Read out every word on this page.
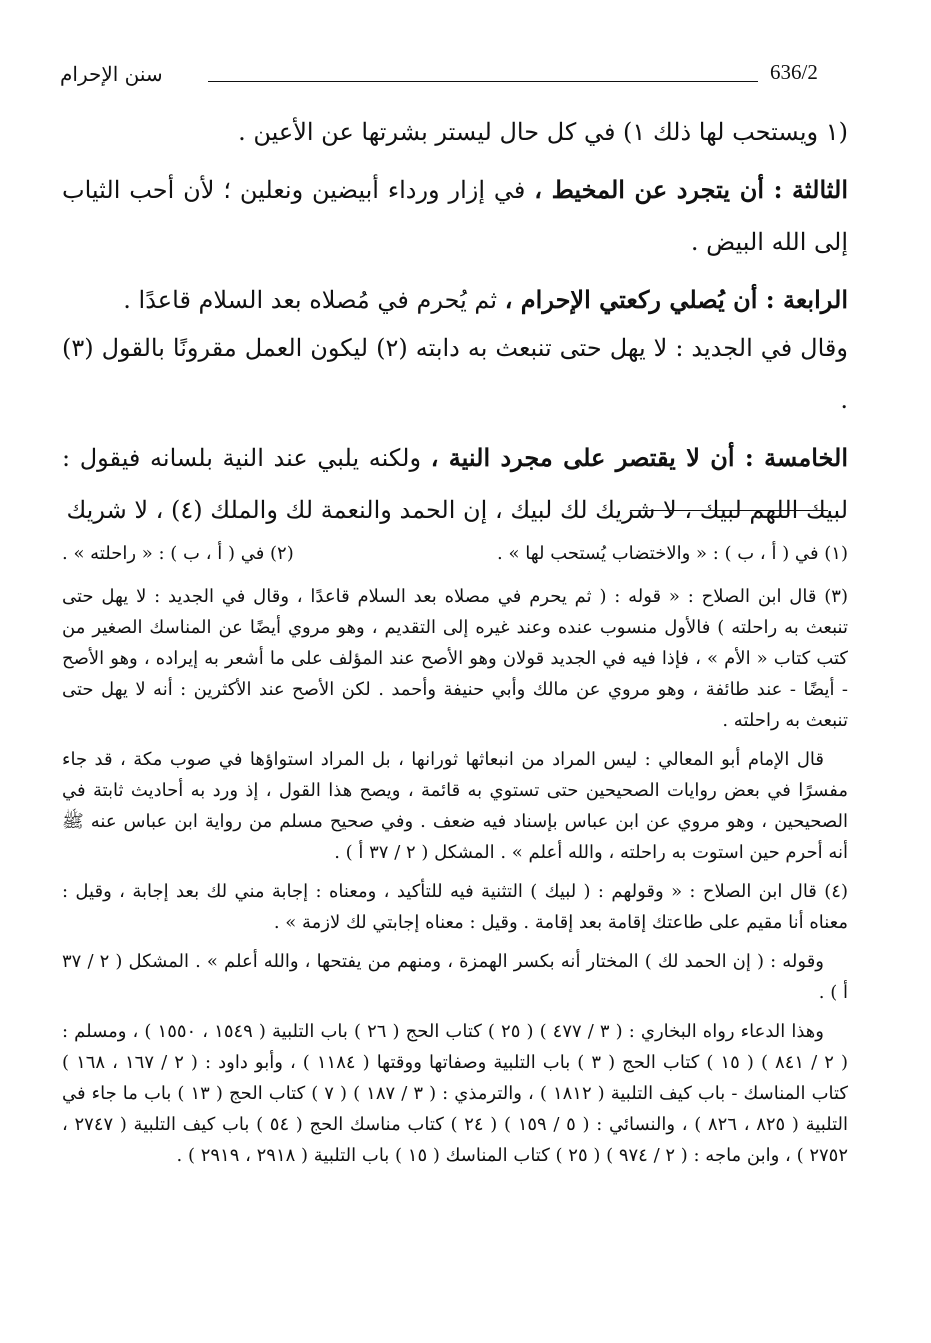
636/2
سنن الإحرام

(١ ويستحب لها ذلك ١) في كل حال ليستر بشرتها عن الأعين .

الثالثة : أن يتجرد عن المخيط ، في إزار ورداء أبيضين ونعلين ؛ لأن أحب الثياب إلى الله البيض .

الرابعة : أن يُصلي ركعتي الإحرام ، ثم يُحرم في مُصلاه بعد السلام قاعدًا .

وقال في الجديد : لا يهل حتى تنبعث به دابته (٢) ليكون العمل مقرونًا بالقول (٣) .

الخامسة : أن لا يقتصر على مجرد النية ، ولكنه يلبي عند النية بلسانه فيقول : لبيك اللهم لبيك ، لا شريك لك لبيك ، إن الحمد والنعمة لك والملك (٤) ، لا شريك

(١) في ( أ ، ب ) : « والاختضاب يُستحب لها » .
(٢) في ( أ ، ب ) : « راحلته » .

(٣) قال ابن الصلاح : « قوله : ( ثم يحرم في مصلاه بعد السلام قاعدًا ، وقال في الجديد : لا يهل حتى تنبعث به راحلته ) فالأول منسوب عنده وعند غيره إلى التقديم ، وهو مروي أيضًا عن المناسك الصغير من كتب كتاب « الأم » ، فإذا فيه في الجديد قولان وهو الأصح عند المؤلف على ما أشعر به إيراده ، وهو الأصح - أيضًا - عند طائفة ، وهو مروي عن مالك وأبي حنيفة وأحمد . لكن الأصح عند الأكثرين : أنه لا يهل حتى تنبعث به راحلته .

قال الإمام أبو المعالي : ليس المراد من انبعاثها ثورانها ، بل المراد استواؤها في صوب مكة ، قد جاء مفسرًا في بعض روايات الصحيحين حتى تستوي به قائمة ، ويصح هذا القول ، إذ ورد به أحاديث ثابتة في الصحيحين ، وهو مروي عن ابن عباس بإسناد فيه ضعف . وفي صحيح مسلم من رواية ابن عباس عنه ﷺ أنه أحرم حين استوت به راحلته ، والله أعلم » . المشكل ( ٢ / ٣٧ أ ) .

(٤) قال ابن الصلاح : « وقولهم : ( لبيك ) التثنية فيه للتأكيد ، ومعناه : إجابة مني لك بعد إجابة ، وقيل : معناه أنا مقيم على طاعتك إقامة بعد إقامة . وقيل : معناه إجابتي لك لازمة » .

وقوله : ( إن الحمد لك ) المختار أنه بكسر الهمزة ، ومنهم من يفتحها ، والله أعلم » . المشكل ( ٢ / ٣٧ أ ) .

وهذا الدعاء رواه البخاري : ( ٣ / ٤٧٧ ) ( ٢٥ ) كتاب الحج ( ٢٦ ) باب التلبية ( ١٥٤٩ ، ١٥٥٠ ) ، ومسلم : ( ٢ / ٨٤١ ) ( ١٥ ) كتاب الحج ( ٣ ) باب التلبية وصفاتها ووقتها ( ١١٨٤ ) ، وأبو داود : ( ٢ / ١٦٧ ، ١٦٨ ) كتاب المناسك - باب كيف التلبية ( ١٨١٢ ) ، والترمذي : ( ٣ / ١٨٧ ) ( ٧ ) كتاب الحج ( ١٣ ) باب ما جاء في التلبية ( ٨٢٥ ، ٨٢٦ ) ، والنسائي : ( ٥ / ١٥٩ ) ( ٢٤ ) كتاب مناسك الحج ( ٥٤ ) باب كيف التلبية ( ٢٧٤٧ ، ٢٧٥٢ ) ، وابن ماجه : ( ٢ / ٩٧٤ ) ( ٢٥ ) كتاب المناسك ( ١٥ ) باب التلبية ( ٢٩١٨ ، ٢٩١٩ ) .
